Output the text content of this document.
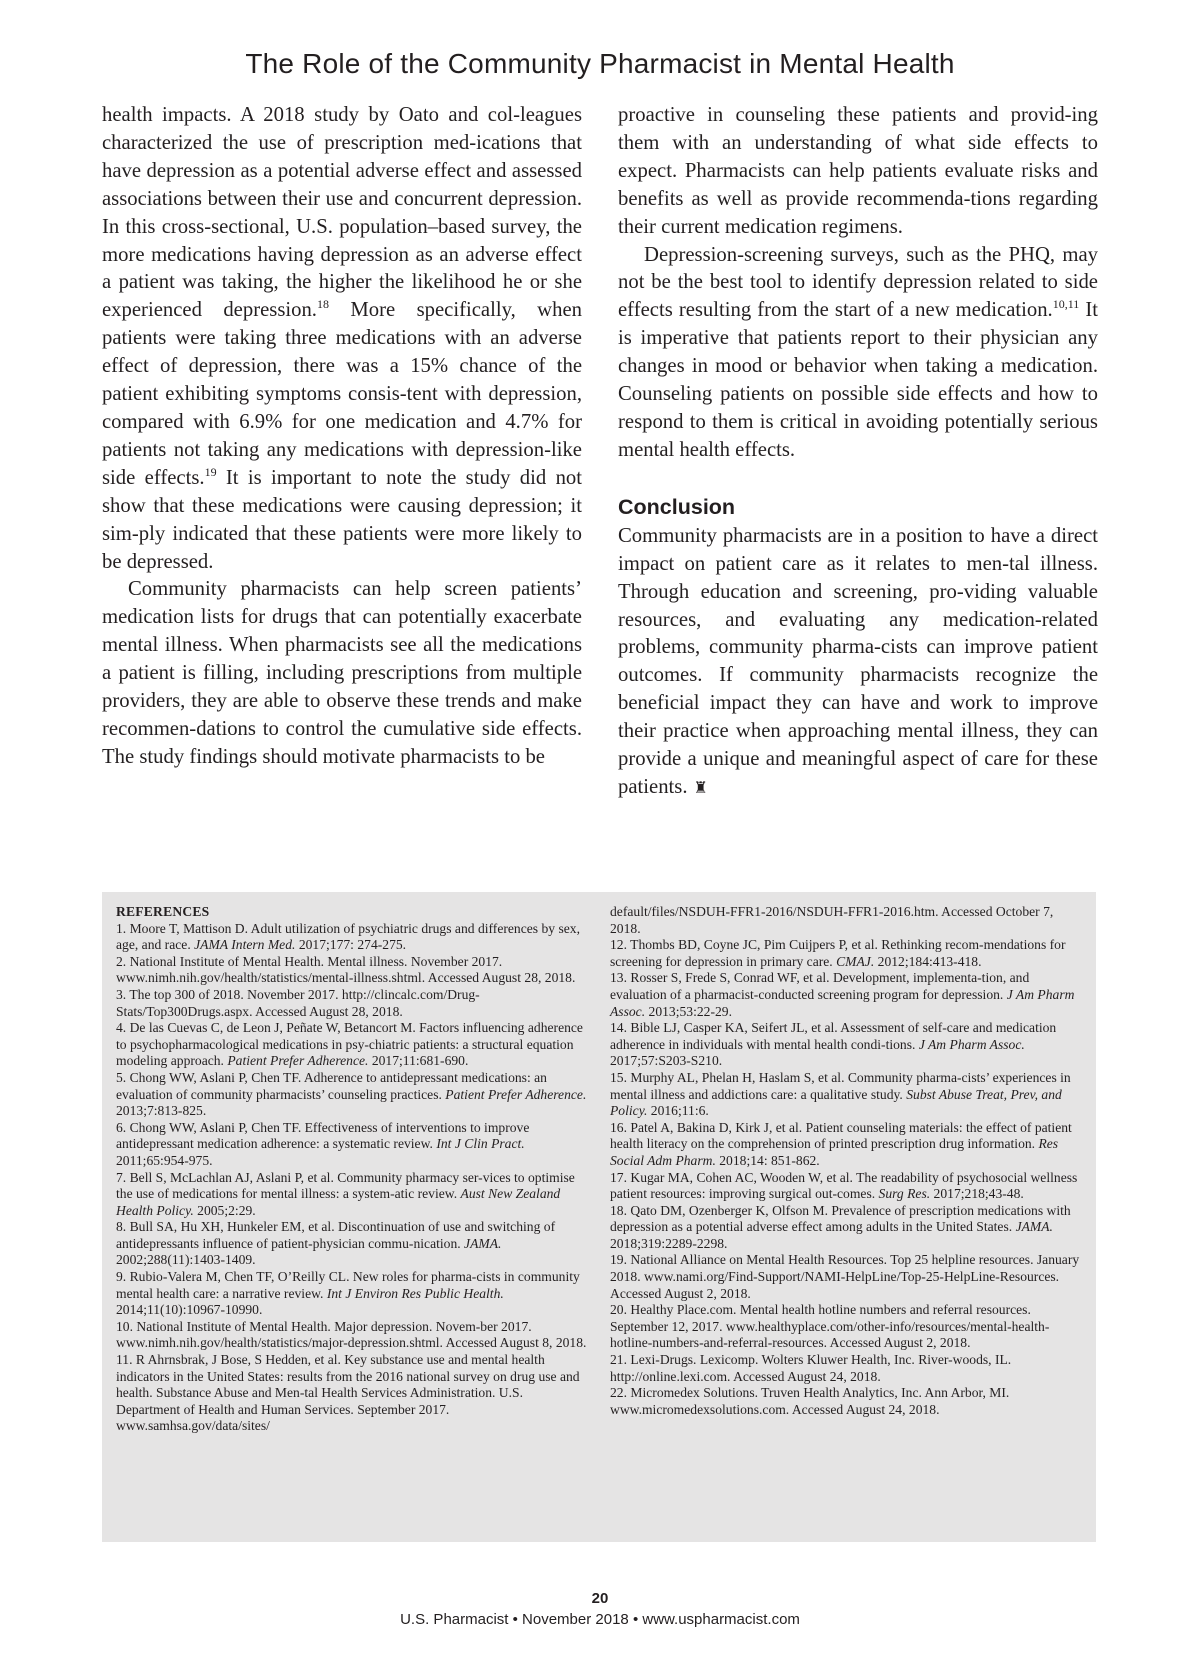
The Role of the Community Pharmacist in Mental Health

health impacts. A 2018 study by Oato and col-leagues characterized the use of prescription med-ications that have depression as a potential adverse effect and assessed associations between their use and concurrent depression. In this cross-sectional, U.S. population–based survey, the more medications having depression as an adverse effect a patient was taking, the higher the likelihood he or she experienced depression.$^{18}$ More specifically, when patients were taking three medications with an adverse effect of depression, there was a 15% chance of the patient exhibiting symptoms consis-tent with depression, compared with 6.9% for one medication and 4.7% for patients not taking any medications with depression-like side effects.$^{19}$ It is important to note the study did not show that these medications were causing depression; it sim-ply indicated that these patients were more likely to be depressed.

Community pharmacists can help screen patients’ medication lists for drugs that can potentially exacerbate mental illness. When pharmacists see all the medications a patient is filling, including prescriptions from multiple providers, they are able to observe these trends and make recommen-dations to control the cumulative side effects. The study findings should motivate pharmacists to be

proactive in counseling these patients and provid-ing them with an understanding of what side effects to expect. Pharmacists can help patients evaluate risks and benefits as well as provide recommenda-tions regarding their current medication regimens.

Depression-screening surveys, such as the PHQ, may not be the best tool to identify depression related to side effects resulting from the start of a new medication.$^{10,11}$ It is imperative that patients report to their physician any changes in mood or behavior when taking a medication. Counseling patients on possible side effects and how to respond to them is critical in avoiding potentially serious mental health effects.

Conclusion

Community pharmacists are in a position to have a direct impact on patient care as it relates to men-tal illness. Through education and screening, pro-viding valuable resources, and evaluating any medication-related problems, community pharma-cists can improve patient outcomes. If community pharmacists recognize the beneficial impact they can have and work to improve their practice when approaching mental illness, they can provide a unique and meaningful aspect of care for these patients. ♜

REFERENCES

1. Moore T, Mattison D. Adult utilization of psychiatric drugs and differences by sex, age, and race. JAMA Intern Med. 2017;177: 274-275.

2. National Institute of Mental Health. Mental illness. November 2017. www.nimh.nih.gov/health/statistics/mental-illness.shtml. Accessed August 28, 2018.

3. The top 300 of 2018. November 2017. http://clincalc.com/Drug-Stats/Top300Drugs.aspx. Accessed August 28, 2018.

4. De las Cuevas C, de Leon J, Peñate W, Betancort M. Factors influencing adherence to psychopharmacological medications in psy-chiatric patients: a structural equation modeling approach. Patient Prefer Adherence. 2017;11:681-690.

5. Chong WW, Aslani P, Chen TF. Adherence to antidepressant medications: an evaluation of community pharmacists’ counseling practices. Patient Prefer Adherence. 2013;7:813-825.

6. Chong WW, Aslani P, Chen TF. Effectiveness of interventions to improve antidepressant medication adherence: a systematic review. Int J Clin Pract. 2011;65:954-975.

7. Bell S, McLachlan AJ, Aslani P, et al. Community pharmacy ser-vices to optimise the use of medications for mental illness: a system-atic review. Aust New Zealand Health Policy. 2005;2:29.

8. Bull SA, Hu XH, Hunkeler EM, et al. Discontinuation of use and switching of antidepressants influence of patient-physician commu-nication. JAMA. 2002;288(11):1403-1409.

9. Rubio-Valera M, Chen TF, O’Reilly CL. New roles for pharma-cists in community mental health care: a narrative review. Int J Environ Res Public Health. 2014;11(10):10967-10990.

10. National Institute of Mental Health. Major depression. Novem-ber 2017. www.nimh.nih.gov/health/statistics/major-depression.shtml. Accessed August 8, 2018.

11. R Ahrnsbrak, J Bose, S Hedden, et al. Key substance use and mental health indicators in the United States: results from the 2016 national survey on drug use and health. Substance Abuse and Men-tal Health Services Administration. U.S. Department of Health and Human Services. September 2017. www.samhsa.gov/data/sites/

default/files/NSDUH-FFR1-2016/NSDUH-FFR1-2016.htm. Accessed October 7, 2018.

12. Thombs BD, Coyne JC, Pim Cuijpers P, et al. Rethinking recom-mendations for screening for depression in primary care. CMAJ. 2012;184:413-418.

13. Rosser S, Frede S, Conrad WF, et al. Development, implementa-tion, and evaluation of a pharmacist-conducted screening program for depression. J Am Pharm Assoc. 2013;53:22-29.

14. Bible LJ, Casper KA, Seifert JL, et al. Assessment of self-care and medication adherence in individuals with mental health condi-tions. J Am Pharm Assoc. 2017;57:S203-S210.

15. Murphy AL, Phelan H, Haslam S, et al. Community pharma-cists’ experiences in mental illness and addictions care: a qualitative study. Subst Abuse Treat, Prev, and Policy. 2016;11:6.

16. Patel A, Bakina D, Kirk J, et al. Patient counseling materials: the effect of patient health literacy on the comprehension of printed prescription drug information. Res Social Adm Pharm. 2018;14: 851-862.

17. Kugar MA, Cohen AC, Wooden W, et al. The readability of psychosocial wellness patient resources: improving surgical out-comes. Surg Res. 2017;218;43-48.

18. Qato DM, Ozenberger K, Olfson M. Prevalence of prescription medications with depression as a potential adverse effect among adults in the United States. JAMA. 2018;319:2289-2298.

19. National Alliance on Mental Health Resources. Top 25 helpline resources. January 2018. www.nami.org/Find-Support/NAMI-HelpLine/Top-25-HelpLine-Resources. Accessed August 2, 2018.

20. Healthy Place.com. Mental health hotline numbers and referral resources. September 12, 2017. www.healthyplace.com/other-info/resources/mental-health-hotline-numbers-and-referral-resources. Accessed August 2, 2018.

21. Lexi-Drugs. Lexicomp. Wolters Kluwer Health, Inc. River-woods, IL. http://online.lexi.com. Accessed August 24, 2018.

22. Micromedex Solutions. Truven Health Analytics, Inc. Ann Arbor, MI. www.micromedexsolutions.com. Accessed August 24, 2018.

20
U.S. Pharmacist • November 2018 • www.uspharmacist.com
